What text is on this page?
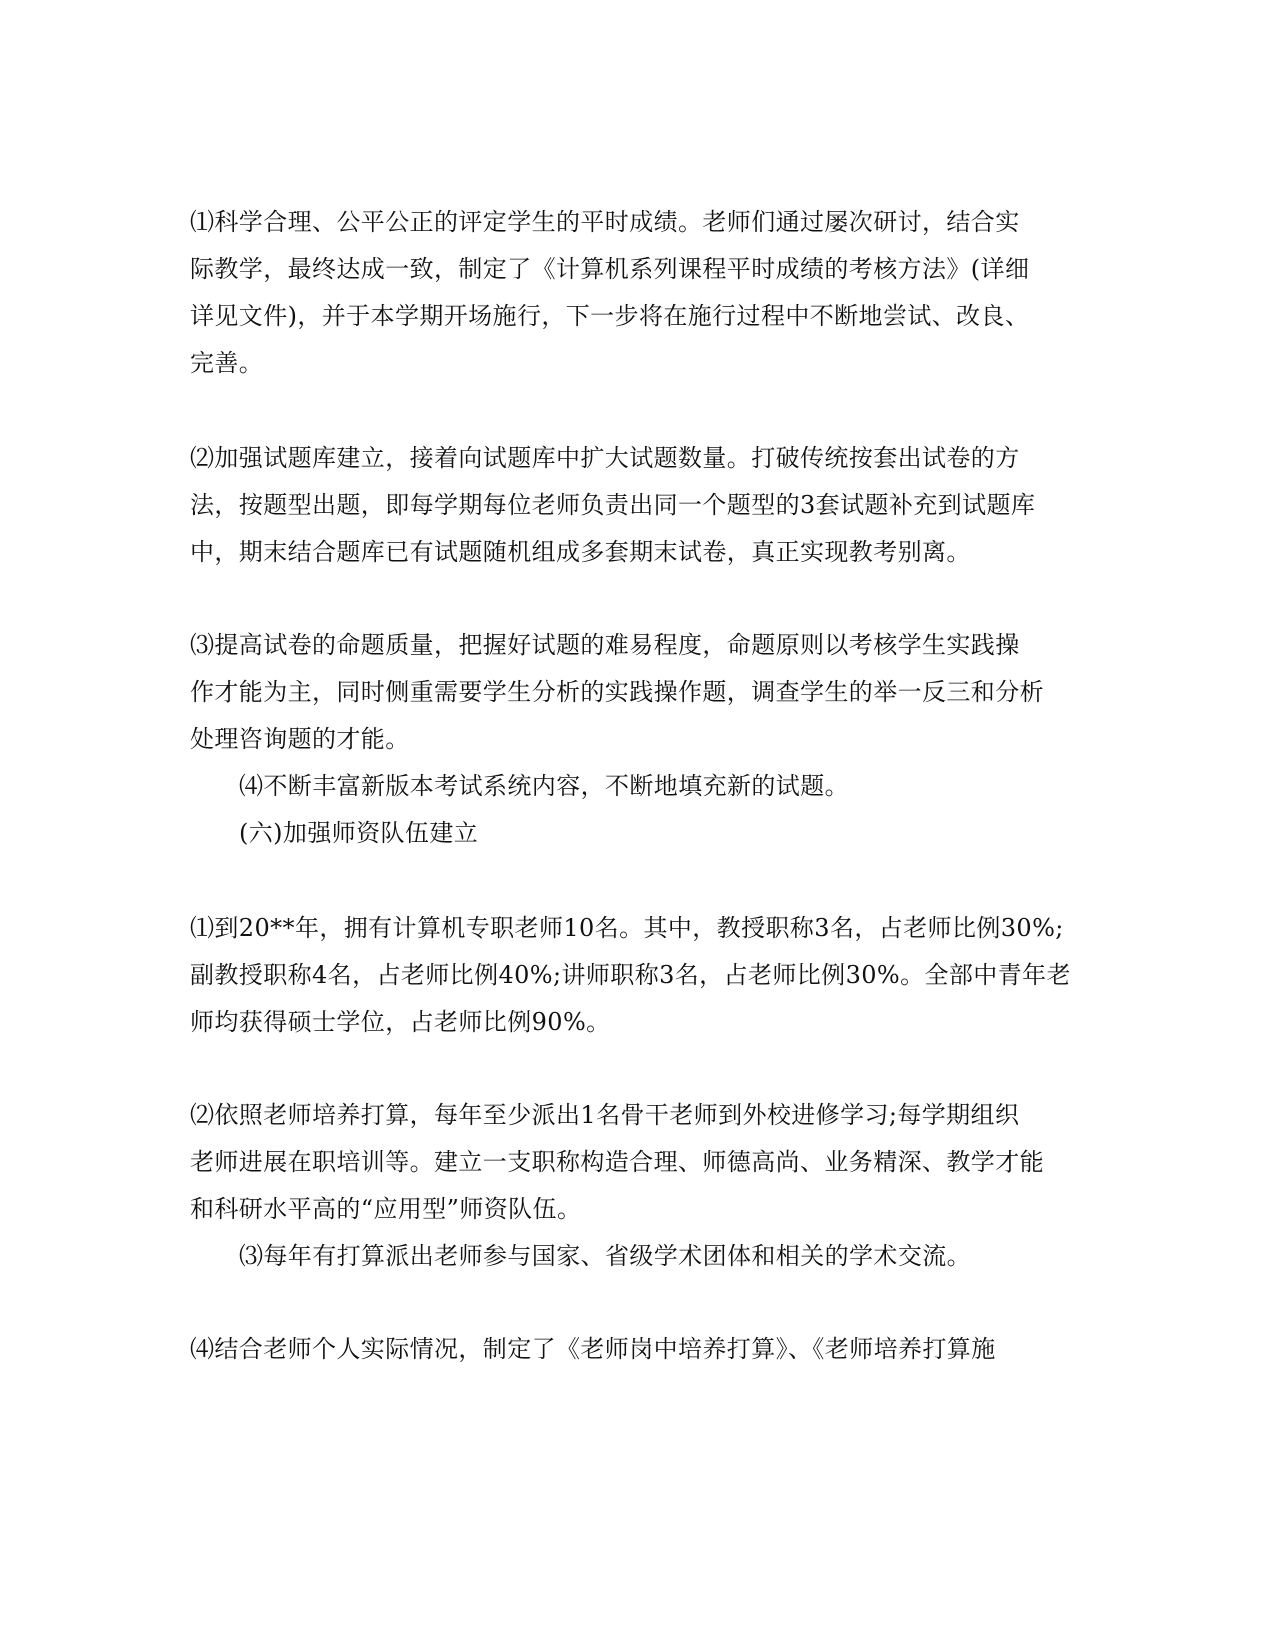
⑴科学合理、公平公正的评定学生的平时成绩。老师们通过屡次研讨，结合实
际教学，最终达成一致，制定了《计算机系列课程平时成绩的考核方法》(详细
详见文件)，并于本学期开场施行，下一步将在施行过程中不断地尝试、改良、
完善。
⑵加强试题库建立，接着向试题库中扩大试题数量。打破传统按套出试卷的方
法，按题型出题，即每学期每位老师负责出同一个题型的3套试题补充到试题库
中，期末结合题库已有试题随机组成多套期末试卷，真正实现教考别离。
⑶提高试卷的命题质量，把握好试题的难易程度，命题原则以考核学生实践操
作才能为主，同时侧重需要学生分析的实践操作题，调查学生的举一反三和分析
处理咨询题的才能。
⑷不断丰富新版本考试系统内容，不断地填充新的试题。
(六)加强师资队伍建立
⑴到20**年，拥有计算机专职老师10名。其中，教授职称3名，占老师比例30%;
副教授职称4名，占老师比例40%;讲师职称3名，占老师比例30%。全部中青年老
师均获得硕士学位，占老师比例90%。
⑵依照老师培养打算，每年至少派出1名骨干老师到外校进修学习;每学期组织
老师进展在职培训等。建立一支职称构造合理、师德高尚、业务精深、教学才能
和科研水平高的“应用型”师资队伍。
⑶每年有打算派出老师参与国家、省级学术团体和相关的学术交流。
⑷结合老师个人实际情况，制定了《老师岗中培养打算》、《老师培养打算施
